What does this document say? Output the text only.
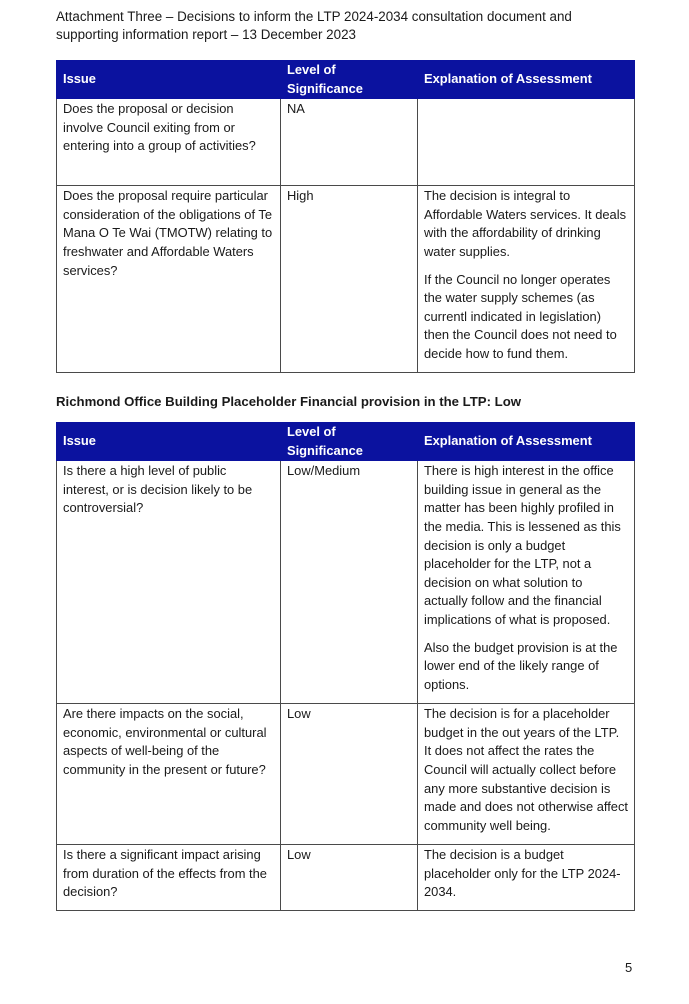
Attachment Three – Decisions to inform the LTP 2024-2034 consultation document and supporting information report – 13 December 2023
Issue	Level of Significance	Explanation of Assessment
Does the proposal or decision involve Council exiting from or entering into a group of activities?	NA	

Does the proposal require particular consideration of the obligations of Te Mana O Te Wai (TMOTW) relating to freshwater and Affordable Waters services?	High	The decision is integral to Affordable Waters services. It deals with the affordability of drinking water supplies.
If the Council no longer operates the water supply schemes (as currentl indicated in legislation) then the Council does not need to decide how to fund them.
Richmond Office Building Placeholder Financial provision in the LTP: Low
Issue	Level of Significance	Explanation of Assessment
Is there a high level of public interest, or is decision likely to be controversial?	Low/Medium	There is high interest in the office building issue in general as the matter has been highly profiled in the media. This is lessened as this decision is only a budget placeholder for the LTP, not a decision on what solution to actually follow and the financial implications of what is proposed.
Also the budget provision is at the lower end of the likely range of options.

Are there impacts on the social, economic, environmental or cultural aspects of well-being of the community in the present or future?	Low	The decision is for a placeholder budget in the out years of the LTP. It does not affect the rates the Council will actually collect before any more substantive decision is made and does not otherwise affect community well being.

Is there a significant impact arising from duration of the effects from the decision?	Low	The decision is a budget placeholder only for the LTP 2024-2034.
5
